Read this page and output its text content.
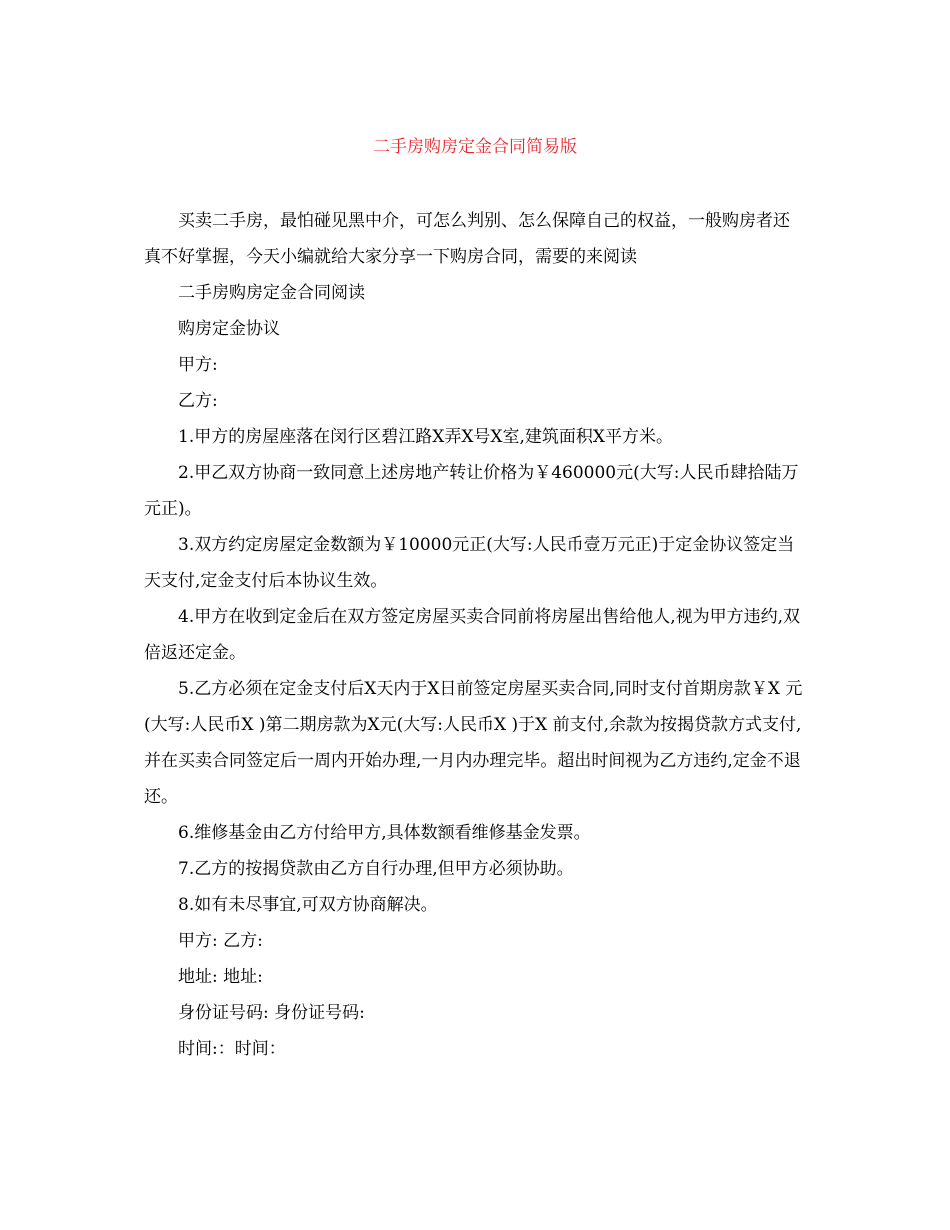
二手房购房定金合同简易版

买卖二手房，最怕碰见黑中介，可怎么判别、怎么保障自己的权益，一般购房者还真不好掌握，今天小编就给大家分享一下购房合同，需要的来阅读

二手房购房定金合同阅读

购房定金协议

甲方:

乙方:

1.甲方的房屋座落在闵行区碧江路X弄X号X室,建筑面积X平方米。

2.甲乙双方协商一致同意上述房地产转让价格为￥460000元(大写:人民币肆拾陆万元正)。

3.双方约定房屋定金数额为￥10000元正(大写:人民币壹万元正)于定金协议签定当天支付,定金支付后本协议生效。

4.甲方在收到定金后在双方签定房屋买卖合同前将房屋出售给他人,视为甲方违约,双倍返还定金。

5.乙方必须在定金支付后X天内于X日前签定房屋买卖合同,同时支付首期房款￥X 元(大写:人民币X )第二期房款为X元(大写:人民币X )于X 前支付,余款为按揭贷款方式支付,并在买卖合同签定后一周内开始办理,一月内办理完毕。超出时间视为乙方违约,定金不退还。

6.维修基金由乙方付给甲方,具体数额看维修基金发票。

7.乙方的按揭贷款由乙方自行办理,但甲方必须协助。

8.如有未尽事宜,可双方协商解决。

甲方: 乙方:

地址: 地址:

身份证号码: 身份证号码:

时间:：时间：
